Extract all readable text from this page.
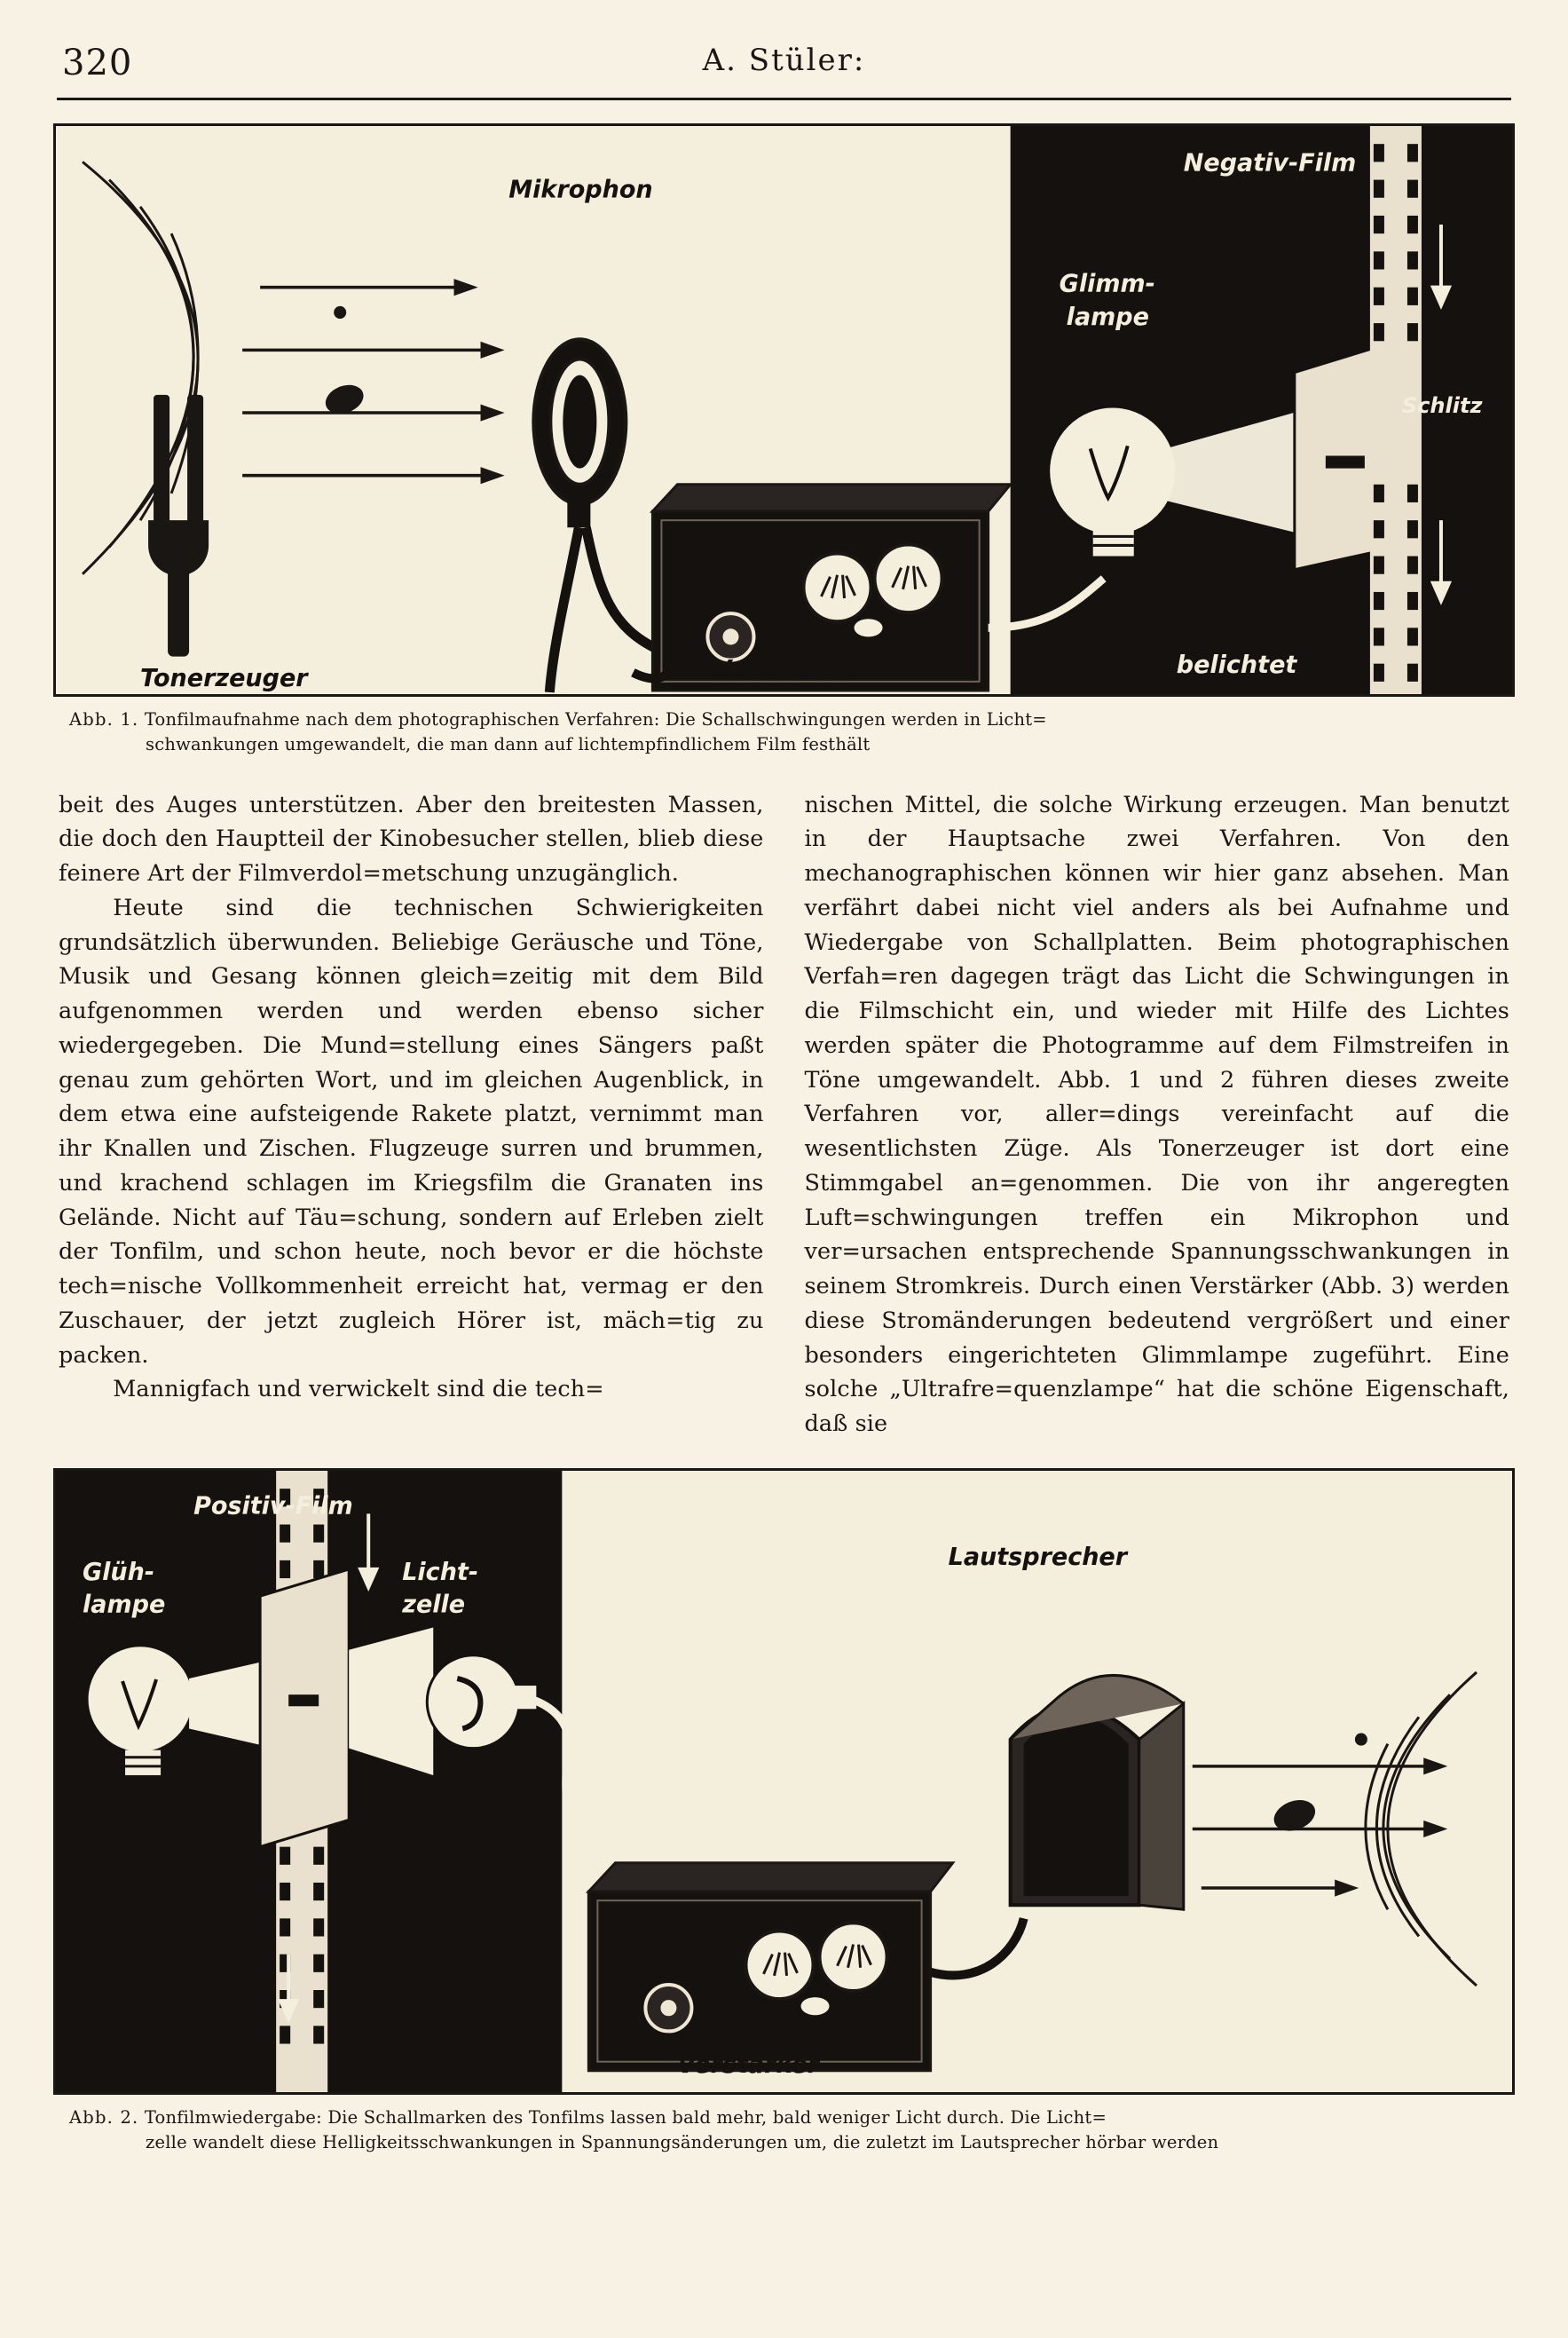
320	A. Stüler:
Tonerzeuger
Mikrophon
Verstärker
Glimm-
lampe
Negativ-Film
Schlitz
belichtet
Abb. 1. Tonfilmaufnahme nach dem photographischen Verfahren: Die Schallschwingungen werden in Licht=
schwankungen umgewandelt, die man dann auf lichtempfindlichem Film festhält

beit des Auges unterstützen. Aber den breitesten Massen, die doch den Hauptteil der Kinobesucher stellen, blieb diese feinere Art der Filmverdol=metschung unzugänglich.

Heute sind die technischen Schwierigkeiten grundsätzlich überwunden. Beliebige Geräusche und Töne, Musik und Gesang können gleich=zeitig mit dem Bild aufgenommen werden und werden ebenso sicher wiedergegeben. Die Mund=stellung eines Sängers paßt genau zum gehörten Wort, und im gleichen Augenblick, in dem etwa eine aufsteigende Rakete platzt, vernimmt man ihr Knallen und Zischen. Flugzeuge surren und brummen, und krachend schlagen im Kriegsfilm die Granaten ins Gelände. Nicht auf Täu=schung, sondern auf Erleben zielt der Tonfilm, und schon heute, noch bevor er die höchste tech=nische Vollkommenheit erreicht hat, vermag er den Zuschauer, der jetzt zugleich Hörer ist, mäch=tig zu packen.

Mannigfach und verwickelt sind die tech=

nischen Mittel, die solche Wirkung erzeugen. Man benutzt in der Hauptsache zwei Verfahren. Von den mechanographischen können wir hier ganz absehen. Man verfährt dabei nicht viel anders als bei Aufnahme und Wiedergabe von Schallplatten. Beim photographischen Verfah=ren dagegen trägt das Licht die Schwingungen in die Filmschicht ein, und wieder mit Hilfe des Lichtes werden später die Photogramme auf dem Filmstreifen in Töne umgewandelt. Abb. 1 und 2 führen dieses zweite Verfahren vor, aller=dings vereinfacht auf die wesentlichsten Züge. Als Tonerzeuger ist dort eine Stimmgabel an=genommen. Die von ihr angeregten Luft=schwingungen treffen ein Mikrophon und ver=ursachen entsprechende Spannungsschwankungen in seinem Stromkreis. Durch einen Verstärker (Abb. 3) werden diese Stromänderungen bedeutend vergrößert und einer besonders eingerichteten Glimmlampe zugeführt. Eine solche „Ultrafre=quenzlampe“ hat die schöne Eigenschaft, daß sie

Glüh-
lampe
Positiv-Film
Licht-
zelle
Verstärker
Lautsprecher
Abb. 2. Tonfilmwiedergabe: Die Schallmarken des Tonfilms lassen bald mehr, bald weniger Licht durch. Die Licht=
zelle wandelt diese Helligkeitsschwankungen in Spannungsänderungen um, die zuletzt im Lautsprecher hörbar werden
